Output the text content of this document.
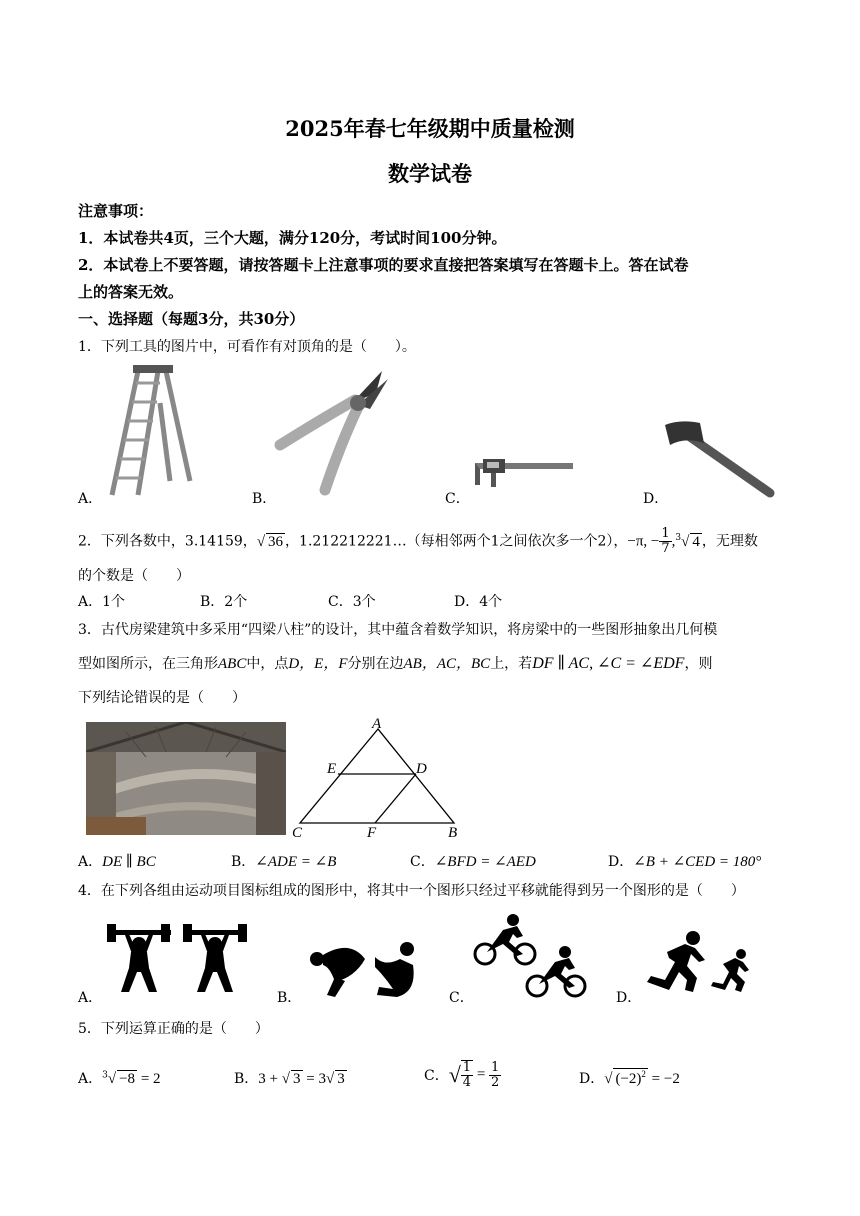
2025年春七年级期中质量检测
数学试卷
注意事项：
1．本试卷共4页，三个大题，满分120分，考试时间100分钟。
2．本试卷上不要答题，请按答题卡上注意事项的要求直接把答案填写在答题卡上。答在试卷
上的答案无效。
一、选择题（每题3分，共30分）
1．下列工具的图片中，可看作有对顶角的是（　　）。
A．	B．	C．	D．
2．下列各数中，3.14159，√ 36 ，1.212212221…（每相邻两个1之间依次多一个2），−π, − $\frac{1}{7} ,^3√$ 4 ，无理数
的个数是（　　）
A．1个	B．2个	C．3个	D．4个
3．古代房梁建筑中多采用“四梁八柱”的设计，其中蕴含着数学知识，将房梁中的一些图形抽象出几何模
型如图所示，在三角形ABC中，点D，E，F分别在边AB，AC，BC上，若DF ∥ AC, ∠C = ∠EDF，则
下列结论错误的是（　　）
A
E	D
C	F	B
A．DE ∥ BC	B．∠ADE = ∠B	C．∠BFD = ∠AED	D．∠B + ∠CED = 180°
4．在下列各组由运动项目图标组成的图形中，将其中一个图形只经过平移就能得到另一个图形的是（　　）
A．	B．	C．	D．
5．下列运算正确的是（　　）
A．$^3$√ −8 = 2	B．3 + √ 3 = 3√ 3	C．√ $\frac{1}{4} = \frac{1}{2}$	D．√ $(-2)^2 = -2$
